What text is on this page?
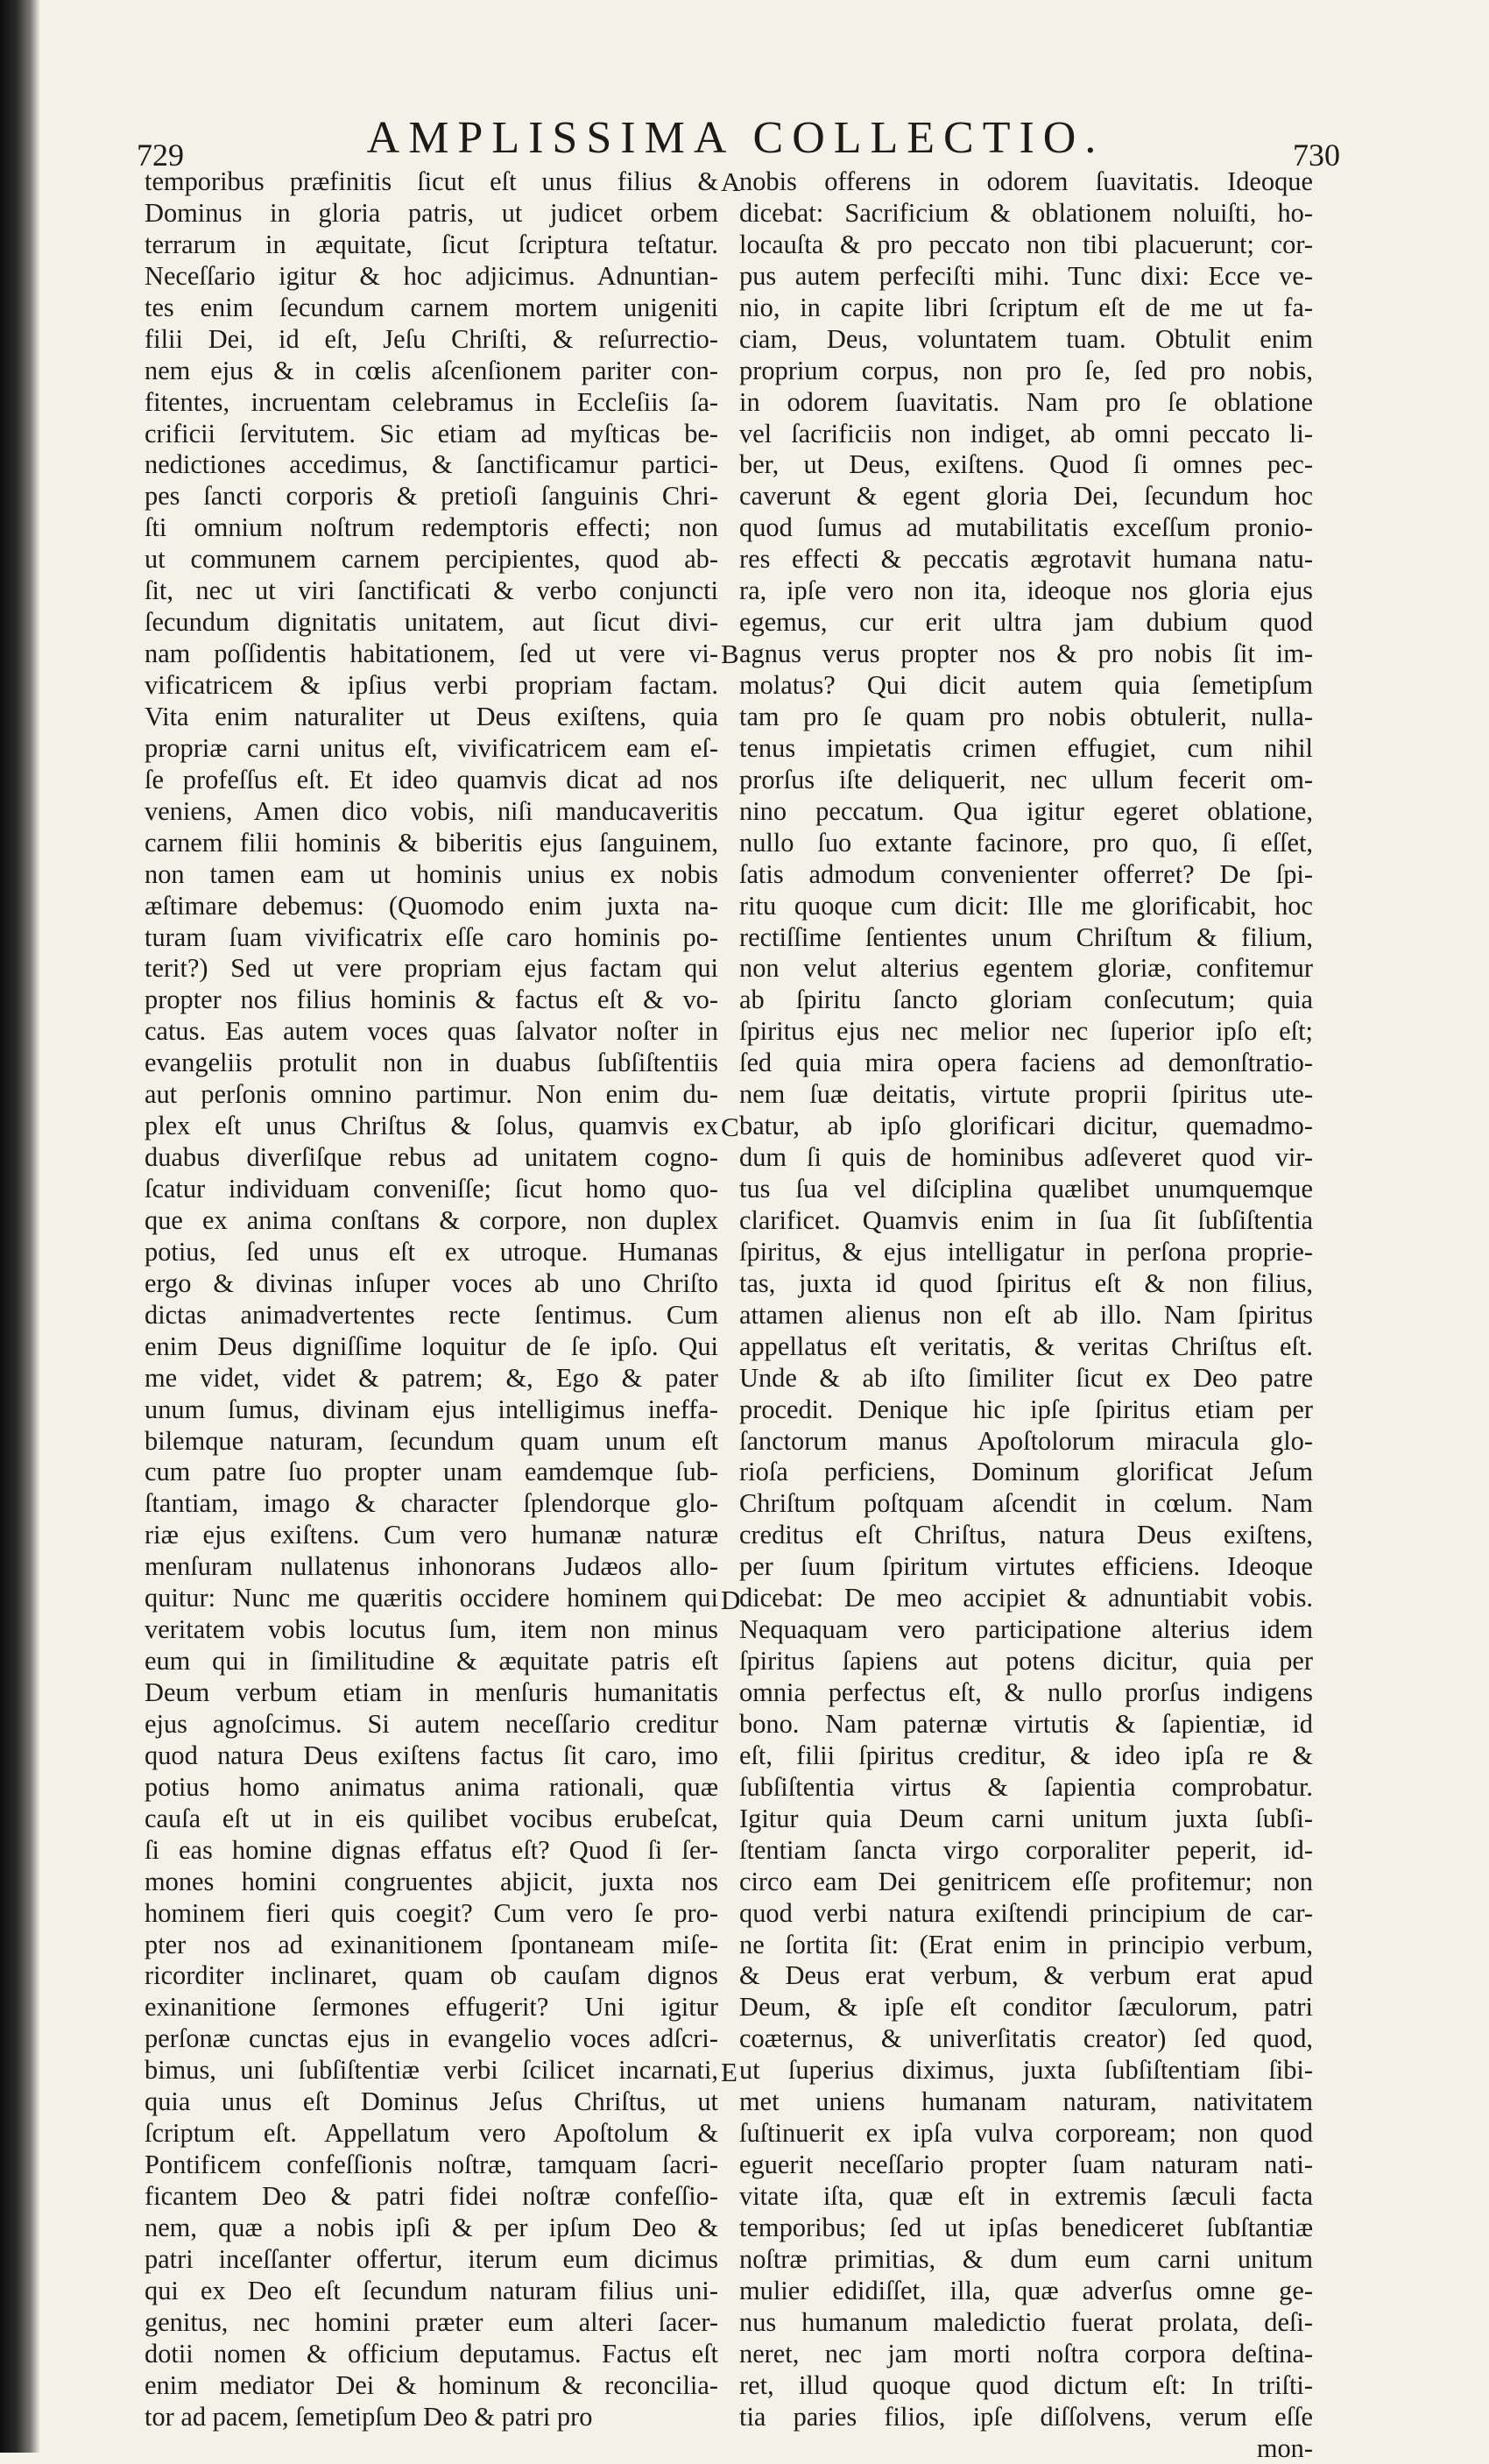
729	AMPLISSIMA COLLECTIO.	730
temporibus præfinitis ſicut eſt unus filius &
Dominus in gloria patris, ut judicet orbem
terrarum in æquitate, ſicut ſcriptura teſtatur.
Neceſſario igitur & hoc adjicimus. Adnuntian-
tes enim ſecundum carnem mortem unigeniti
filii Dei, id eſt, Jeſu Chriſti, & reſurrectio-
nem ejus & in cœlis aſcenſionem pariter con-
fitentes, incruentam celebramus in Eccleſiis ſa-
crificii ſervitutem. Sic etiam ad myſticas be-
nedictiones accedimus, & ſanctificamur partici-
pes ſancti corporis & pretioſi ſanguinis Chri-
ſti omnium noſtrum redemptoris effecti; non
ut communem carnem percipientes, quod ab-
ſit, nec ut viri ſanctificati & verbo conjuncti
ſecundum dignitatis unitatem, aut ſicut divi-
nam poſſidentis habitationem, ſed ut vere vi-
vificatricem & ipſius verbi propriam factam.
Vita enim naturaliter ut Deus exiſtens, quia
propriæ carni unitus eſt, vivificatricem eam eſ-
ſe profeſſus eſt. Et ideo quamvis dicat ad nos
veniens, Amen dico vobis, niſi manducaveritis
carnem filii hominis & biberitis ejus ſanguinem,
non tamen eam ut hominis unius ex nobis
æſtimare debemus: (Quomodo enim juxta na-
turam ſuam vivificatrix eſſe caro hominis po-
terit?) Sed ut vere propriam ejus factam qui
propter nos filius hominis & factus eſt & vo-
catus. Eas autem voces quas ſalvator noſter in
evangeliis protulit non in duabus ſubſiſtentiis
aut perſonis omnino partimur. Non enim du-
plex eſt unus Chriſtus & ſolus, quamvis ex
duabus diverſiſque rebus ad unitatem cogno-
ſcatur individuam conveniſſe; ſicut homo quo-
que ex anima conſtans & corpore, non duplex
potius, ſed unus eſt ex utroque. Humanas
ergo & divinas inſuper voces ab uno Chriſto
dictas animadvertentes recte ſentimus. Cum
enim Deus digniſſime loquitur de ſe ipſo. Qui
me videt, videt & patrem; &, Ego & pater
unum ſumus, divinam ejus intelligimus ineffa-
bilemque naturam, ſecundum quam unum eſt
cum patre ſuo propter unam eamdemque ſub-
ſtantiam, imago & character ſplendorque glo-
riæ ejus exiſtens. Cum vero humanæ naturæ
menſuram nullatenus inhonorans Judæos allo-
quitur: Nunc me quæritis occidere hominem qui
veritatem vobis locutus ſum, item non minus
eum qui in ſimilitudine & æquitate patris eſt
Deum verbum etiam in menſuris humanitatis
ejus agnoſcimus. Si autem neceſſario creditur
quod natura Deus exiſtens factus ſit caro, imo
potius homo animatus anima rationali, quæ
cauſa eſt ut in eis quilibet vocibus erubeſcat,
ſi eas homine dignas effatus eſt? Quod ſi ſer-
mones homini congruentes abjicit, juxta nos
hominem fieri quis coegit? Cum vero ſe pro-
pter nos ad exinanitionem ſpontaneam miſe-
ricorditer inclinaret, quam ob cauſam dignos
exinanitione ſermones effugerit? Uni igitur
perſonæ cunctas ejus in evangelio voces adſcri-
bimus, uni ſubſiſtentiæ verbi ſcilicet incarnati,
quia unus eſt Dominus Jeſus Chriſtus, ut
ſcriptum eſt. Appellatum vero Apoſtolum &
Pontificem confeſſionis noſtræ, tamquam ſacri-
ficantem Deo & patri fidei noſtræ confeſſio-
nem, quæ a nobis ipſi & per ipſum Deo &
patri inceſſanter offertur, iterum eum dicimus
qui ex Deo eſt ſecundum naturam filius uni-
genitus, nec homini præter eum alteri ſacer-
dotii nomen & officium deputamus. Factus eſt
enim mediator Dei & hominum & reconcilia-
tor ad pacem, ſemetipſum Deo & patri pro
nobis offerens in odorem ſuavitatis. Ideoque
dicebat: Sacrificium & oblationem noluiſti, ho-
locauſta & pro peccato non tibi placuerunt; cor-
pus autem perfeciſti mihi. Tunc dixi: Ecce ve-
nio, in capite libri ſcriptum eſt de me ut fa-
ciam, Deus, voluntatem tuam. Obtulit enim
proprium corpus, non pro ſe, ſed pro nobis,
in odorem ſuavitatis. Nam pro ſe oblatione
vel ſacrificiis non indiget, ab omni peccato li-
ber, ut Deus, exiſtens. Quod ſi omnes pec-
caverunt & egent gloria Dei, ſecundum hoc
quod ſumus ad mutabilitatis exceſſum pronio-
res effecti & peccatis ægrotavit humana natu-
ra, ipſe vero non ita, ideoque nos gloria ejus
egemus, cur erit ultra jam dubium quod
agnus verus propter nos & pro nobis ſit im-
molatus? Qui dicit autem quia ſemetipſum
tam pro ſe quam pro nobis obtulerit, nulla-
tenus impietatis crimen effugiet, cum nihil
prorſus iſte deliquerit, nec ullum fecerit om-
nino peccatum. Qua igitur egeret oblatione,
nullo ſuo extante facinore, pro quo, ſi eſſet,
ſatis admodum convenienter offerret? De ſpi-
ritu quoque cum dicit: Ille me glorificabit, hoc
rectiſſime ſentientes unum Chriſtum & filium,
non velut alterius egentem gloriæ, confitemur
ab ſpiritu ſancto gloriam conſecutum; quia
ſpiritus ejus nec melior nec ſuperior ipſo eſt;
ſed quia mira opera faciens ad demonſtratio-
nem ſuæ deitatis, virtute proprii ſpiritus ute-
batur, ab ipſo glorificari dicitur, quemadmo-
dum ſi quis de hominibus adſeveret quod vir-
tus ſua vel diſciplina quælibet unumquemque
clarificet. Quamvis enim in ſua ſit ſubſiſtentia
ſpiritus, & ejus intelligatur in perſona proprie-
tas, juxta id quod ſpiritus eſt & non filius,
attamen alienus non eſt ab illo. Nam ſpiritus
appellatus eſt veritatis, & veritas Chriſtus eſt.
Unde & ab iſto ſimiliter ſicut ex Deo patre
procedit. Denique hic ipſe ſpiritus etiam per
ſanctorum manus Apoſtolorum miracula glo-
rioſa perficiens, Dominum glorificat Jeſum
Chriſtum poſtquam aſcendit in cœlum. Nam
creditus eſt Chriſtus, natura Deus exiſtens,
per ſuum ſpiritum virtutes efficiens. Ideoque
dicebat: De meo accipiet & adnuntiabit vobis.
Nequaquam vero participatione alterius idem
ſpiritus ſapiens aut potens dicitur, quia per
omnia perfectus eſt, & nullo prorſus indigens
bono. Nam paternæ virtutis & ſapientiæ, id
eſt, filii ſpiritus creditur, & ideo ipſa re &
ſubſiſtentia virtus & ſapientia comprobatur.
Igitur quia Deum carni unitum juxta ſubſi-
ſtentiam ſancta virgo corporaliter peperit, id-
circo eam Dei genitricem eſſe profitemur; non
quod verbi natura exiſtendi principium de car-
ne ſortita ſit: (Erat enim in principio verbum,
& Deus erat verbum, & verbum erat apud
Deum, & ipſe eſt conditor ſæculorum, patri
coæternus, & univerſitatis creator) ſed quod,
ut ſuperius diximus, juxta ſubſiſtentiam ſibi-
met uniens humanam naturam, nativitatem
ſuſtinuerit ex ipſa vulva corpoream; non quod
eguerit neceſſario propter ſuam naturam nati-
vitate iſta, quæ eſt in extremis ſæculi facta
temporibus; ſed ut ipſas benediceret ſubſtantiæ
noſtræ primitias, & dum eum carni unitum
mulier edidiſſet, illa, quæ adverſus omne ge-
nus humanum maledictio fuerat prolata, deſi-
neret, nec jam morti noſtra corpora deſtina-
ret, illud quoque quod dictum eſt: In triſti-
tia paries filios, ipſe diſſolvens, verum eſſe
mon-
A
B
C
D
E
